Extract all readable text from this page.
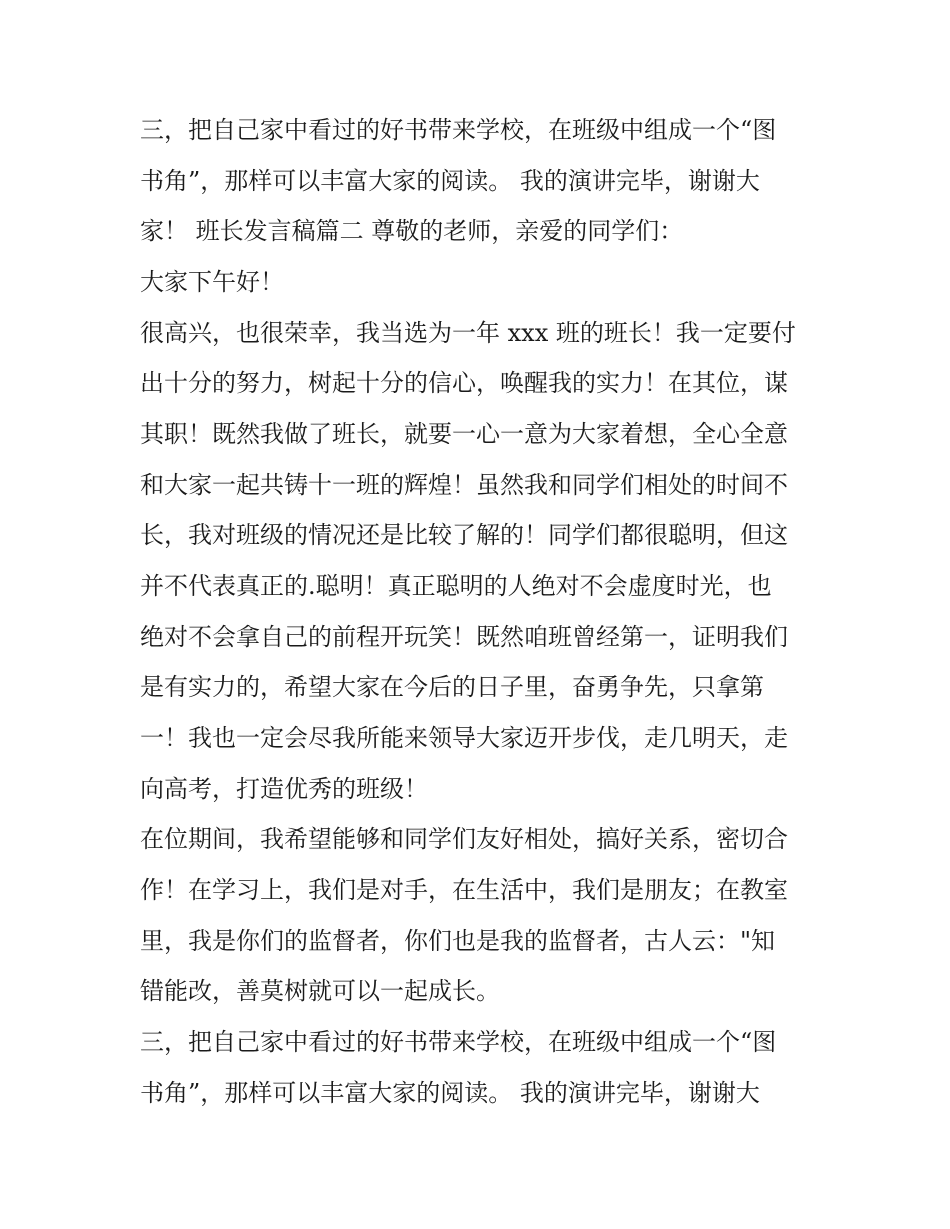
三，把自己家中看过的好书带来学校，在班级中组成一个“图
书角”，那样可以丰富大家的阅读。 我的演讲完毕，谢谢大
家！ 班长发言稿篇二 尊敬的老师，亲爱的同学们：
大家下午好！
很高兴，也很荣幸，我当选为一年 xxx 班的班长！我一定要付
出十分的努力，树起十分的信心，唤醒我的实力！在其位，谋
其职！既然我做了班长，就要一心一意为大家着想，全心全意
和大家一起共铸十一班的辉煌！虽然我和同学们相处的时间不
长，我对班级的情况还是比较了解的！同学们都很聪明，但这
并不代表真正的.聪明！真正聪明的人绝对不会虚度时光，也
绝对不会拿自己的前程开玩笑！既然咱班曾经第一，证明我们
是有实力的，希望大家在今后的日子里，奋勇争先，只拿第
一！我也一定会尽我所能来领导大家迈开步伐，走几明天，走
向高考，打造优秀的班级！
在位期间，我希望能够和同学们友好相处，搞好关系，密切合
作！在学习上，我们是对手，在生活中，我们是朋友；在教室
里，我是你们的监督者，你们也是我的监督者，古人云："知
错能改，善莫树就可以一起成长。
三，把自己家中看过的好书带来学校，在班级中组成一个“图
书角”，那样可以丰富大家的阅读。 我的演讲完毕，谢谢大
